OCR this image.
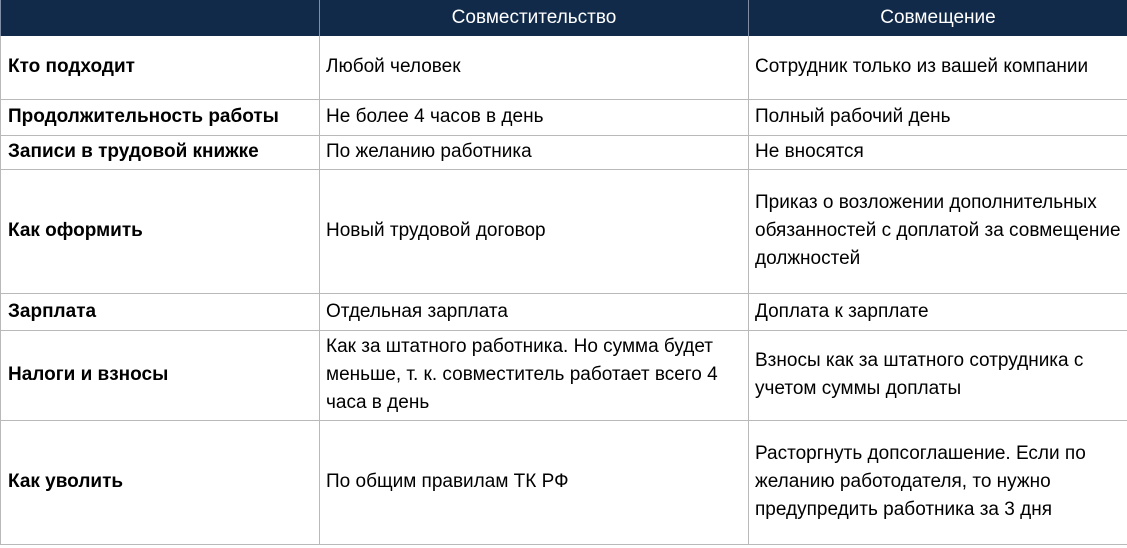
	Совместительство	Совмещение
Кто подходит	Любой человек	Сотрудник только из вашей компании
Продолжительность работы	Не более 4 часов в день	Полный рабочий день
Записи в трудовой книжке	По желанию работника	Не вносятся
Как оформить	Новый трудовой договор	Приказ о возложении дополнительных обязанностей с доплатой за совмещение должностей
Зарплата	Отдельная зарплата	Доплата к зарплате
Налоги и взносы	Как за штатного работника. Но сумма будет меньше, т. к. совместитель работает всего 4 часа в день	Взносы как за штатного сотрудника с учетом суммы доплаты
Как уволить	По общим правилам ТК РФ	Расторгнуть допсоглашение. Если по желанию работодателя, то нужно предупредить работника за 3 дня
